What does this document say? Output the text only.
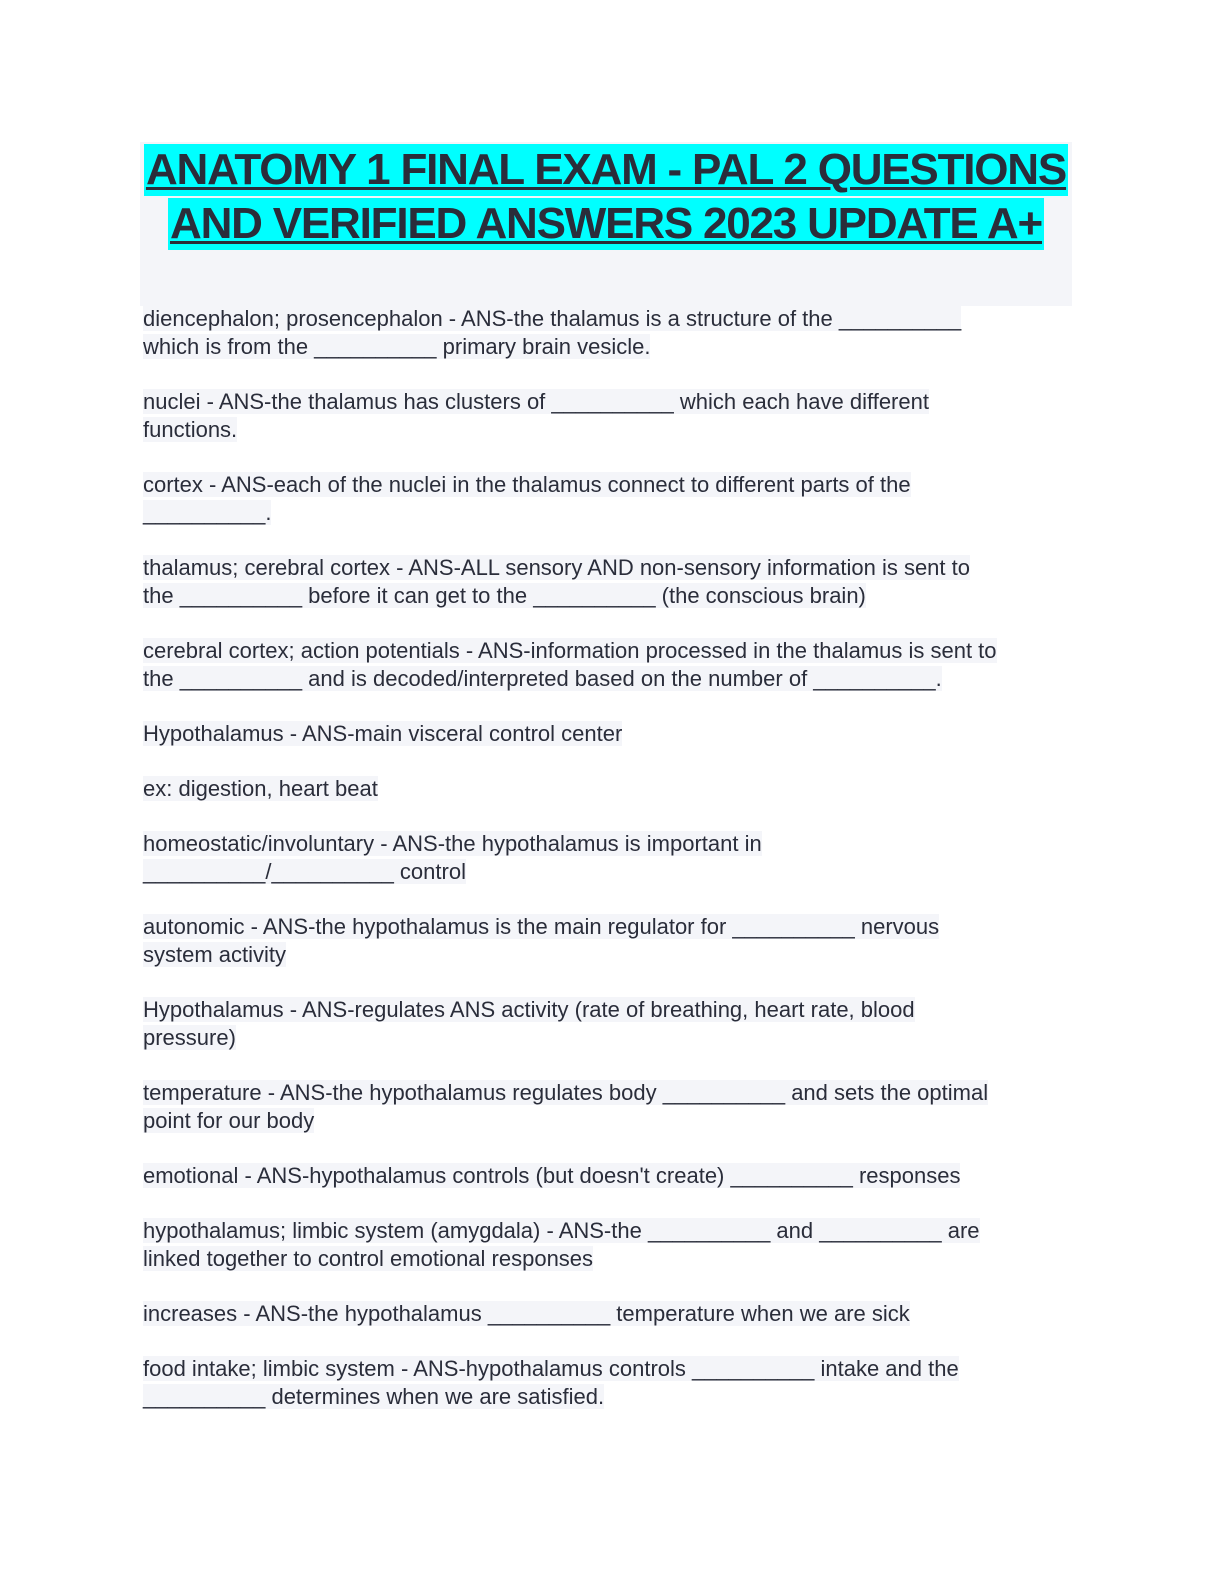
ANATOMY 1 FINAL EXAM - PAL 2 QUESTIONS
AND VERIFIED ANSWERS 2023 UPDATE A+
diencephalon; prosencephalon - ANS-the thalamus is a structure of the __________
which is from the __________ primary brain vesicle.
nuclei - ANS-the thalamus has clusters of __________ which each have different
functions.
cortex - ANS-each of the nuclei in the thalamus connect to different parts of the
__________.
thalamus; cerebral cortex - ANS-ALL sensory AND non-sensory information is sent to
the __________ before it can get to the __________ (the conscious brain)
cerebral cortex; action potentials - ANS-information processed in the thalamus is sent to
the __________ and is decoded/interpreted based on the number of __________.
Hypothalamus - ANS-main visceral control center
ex: digestion, heart beat
homeostatic/involuntary - ANS-the hypothalamus is important in
__________/__________ control
autonomic - ANS-the hypothalamus is the main regulator for __________ nervous
system activity
Hypothalamus - ANS-regulates ANS activity (rate of breathing, heart rate, blood
pressure)
temperature - ANS-the hypothalamus regulates body __________ and sets the optimal
point for our body
emotional - ANS-hypothalamus controls (but doesn't create) __________ responses
hypothalamus; limbic system (amygdala) - ANS-the __________ and __________ are
linked together to control emotional responses
increases - ANS-the hypothalamus __________ temperature when we are sick
food intake; limbic system - ANS-hypothalamus controls __________ intake and the
__________ determines when we are satisfied.
